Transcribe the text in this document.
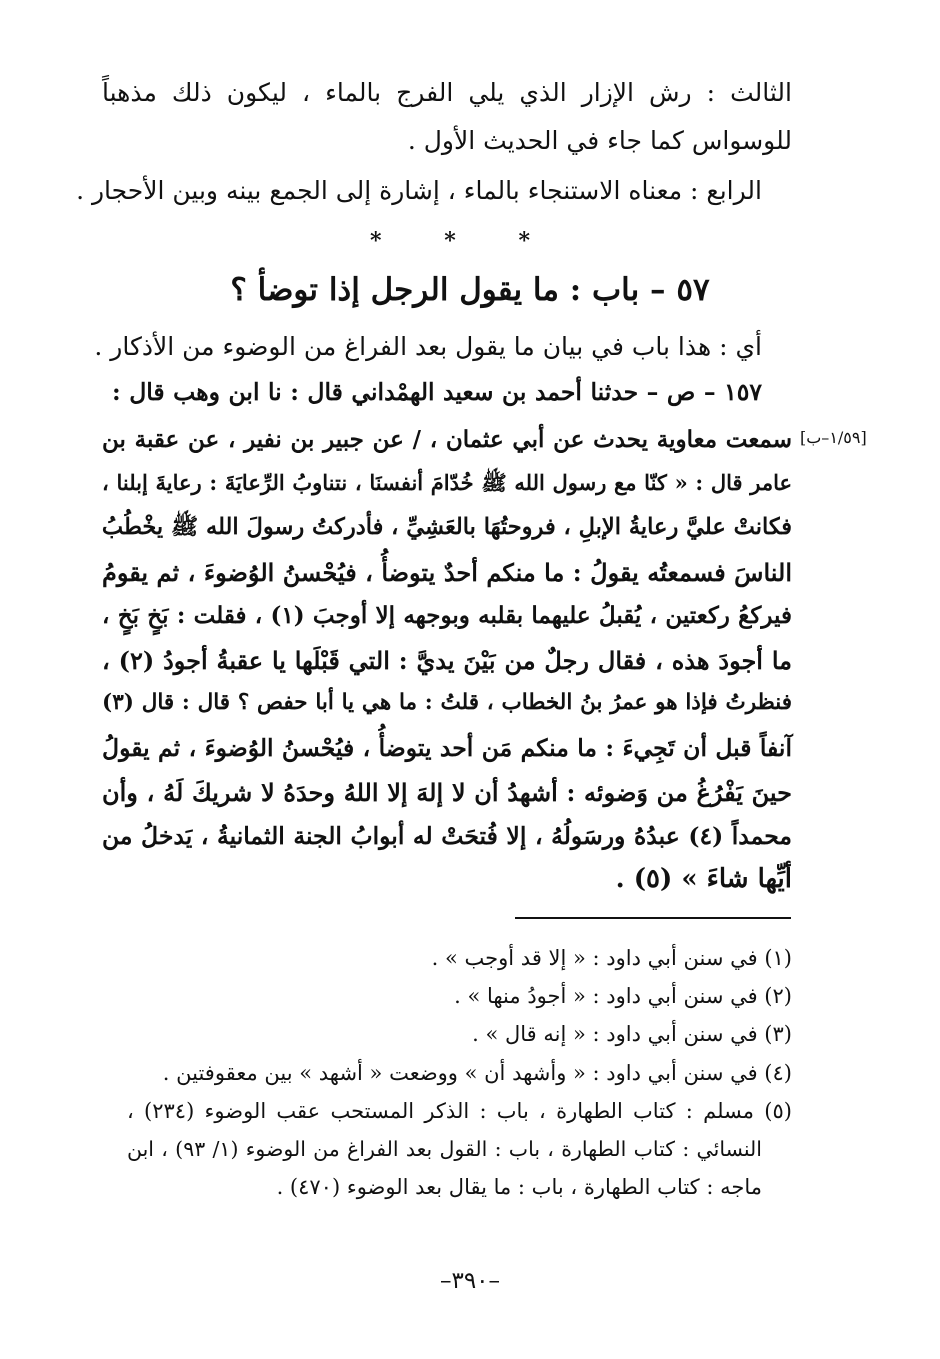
الثالث : رش الإزار الذي يلي الفرج بالماء ، ليكون ذلك مذهباً
للوسواس كما جاء في الحديث الأول .
الرابع : معناه الاستنجاء بالماء ، إشارة إلى الجمع بينه وبين الأحجار .
*
*
*
٥٧ – باب : ما يقول الرجل إذا توضأ ؟
أي : هذا باب في بيان ما يقول بعد الفراغ من الوضوء من الأذكار .
١٥٧ – ص – حدثنا أحمد بن سعيد الهمْداني قال : نا ابن وهب قال :
سمعت معاوية يحدث عن أبي عثمان ، / عن جبير بن نفير ، عن عقبة بن [١/٥٩–ب]
عامر قال : « كنّا مع رسول الله ﷺ خُدّامَ أنفسنَا ، نتناوبُ الرِّعايَةَ : رعايةَ إبلنا ،
فكانتْ عليَّ رعايةُ الإبلِ ، فروحتُهَا بالعَشِيِّ ، فأدركتُ رسولَ الله ﷺ يخْطُبُ
الناسَ فسمعتُه يقولُ : ما منكم أحدٌ يتوضأُ ، فيُحْسنُ الوُضوءَ ، ثم يقومُ
فيركعُ ركعتين ، يُقبلُ عليهما بقلبه وبوجهه إلا أوجبَ (١) ، فقلت : بَخٍ بَخٍ ،
ما أجودَ هذه ، فقال رجلٌ من بَيْنَ يديَّ : التي قَبْلَها يا عقبةُ أجودُ (٢) ،
فنظرتُ فإذا هو عمرُ بنُ الخطاب ، قلتُ : ما هي يا أبا حفص ؟ قال : قال (٣)
آنفاً قبل أن تَجِيءَ : ما منكم مَن أحد يتوضأُ ، فيُحْسنُ الوُضوءَ ، ثم يقولُ
حينَ يَفْرُغُ من وَضوئه : أشهدُ أن لا إلهَ إلا اللهُ وحدَهُ لا شريكَ لَهُ ، وأن
محمداً (٤) عبدُهُ ورسَولُهُ ، إلا فُتحَتْ له أبوابُ الجنة الثمانيةُ ، يَدخلُ من
أيِّها شاءَ » (٥) .
(١) في سنن أبي داود : « إلا قد أوجب » .
(٢) في سنن أبي داود : « أجودُ منها » .
(٣) في سنن أبي داود : « إنه قال » .
(٤) في سنن أبي داود : « وأشهد أن » ووضعت « أشهد » بين معقوفتين .
(٥) مسلم : كتاب الطهارة ، باب : الذكر المستحب عقب الوضوء (٢٣٤) ،
النسائي : كتاب الطهارة ، باب : القول بعد الفراغ من الوضوء (١/ ٩٣) ، ابن
ماجه : كتاب الطهارة ، باب : ما يقال بعد الوضوء (٤٧٠) .
–٣٩٠–
